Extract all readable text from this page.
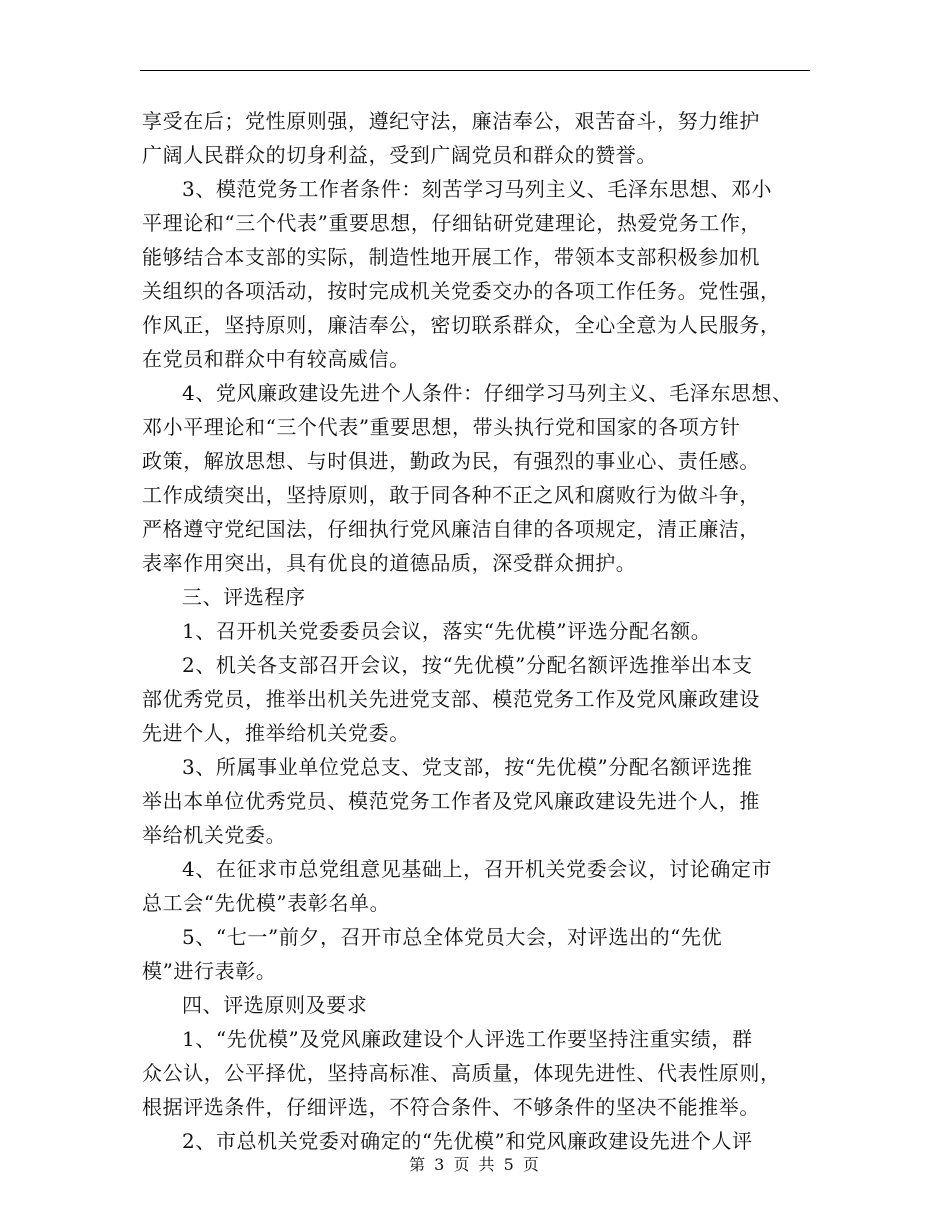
享受在后；党性原则强，遵纪守法，廉洁奉公，艰苦奋斗，努力维护
广阔人民群众的切身利益，受到广阔党员和群众的赞誉。
3、模范党务工作者条件：刻苦学习马列主义、毛泽东思想、邓小
平理论和“三个代表”重要思想，仔细钻研党建理论，热爱党务工作，
能够结合本支部的实际，制造性地开展工作，带领本支部积极参加机
关组织的各项活动，按时完成机关党委交办的各项工作任务。党性强，
作风正，坚持原则，廉洁奉公，密切联系群众，全心全意为人民服务，
在党员和群众中有较高威信。
4、党风廉政建设先进个人条件：仔细学习马列主义、毛泽东思想、
邓小平理论和“三个代表”重要思想，带头执行党和国家的各项方针
政策，解放思想、与时俱进，勤政为民，有强烈的事业心、责任感。
工作成绩突出，坚持原则，敢于同各种不正之风和腐败行为做斗争，
严格遵守党纪国法，仔细执行党风廉洁自律的各项规定，清正廉洁，
表率作用突出，具有优良的道德品质，深受群众拥护。
三、评选程序
1、召开机关党委委员会议，落实“先优模”评选分配名额。
2、机关各支部召开会议，按“先优模”分配名额评选推举出本支
部优秀党员，推举出机关先进党支部、模范党务工作及党风廉政建设
先进个人，推举给机关党委。
3、所属事业单位党总支、党支部，按“先优模”分配名额评选推
举出本单位优秀党员、模范党务工作者及党风廉政建设先进个人，推
举给机关党委。
4、在征求市总党组意见基础上，召开机关党委会议，讨论确定市
总工会“先优模”表彰名单。
5、“七一”前夕，召开市总全体党员大会，对评选出的“先优
模”进行表彰。
四、评选原则及要求
1、“先优模”及党风廉政建设个人评选工作要坚持注重实绩，群
众公认，公平择优，坚持高标准、高质量，体现先进性、代表性原则，
根据评选条件，仔细评选，不符合条件、不够条件的坚决不能推举。
2、市总机关党委对确定的“先优模”和党风廉政建设先进个人评
第 3 页 共 5 页
